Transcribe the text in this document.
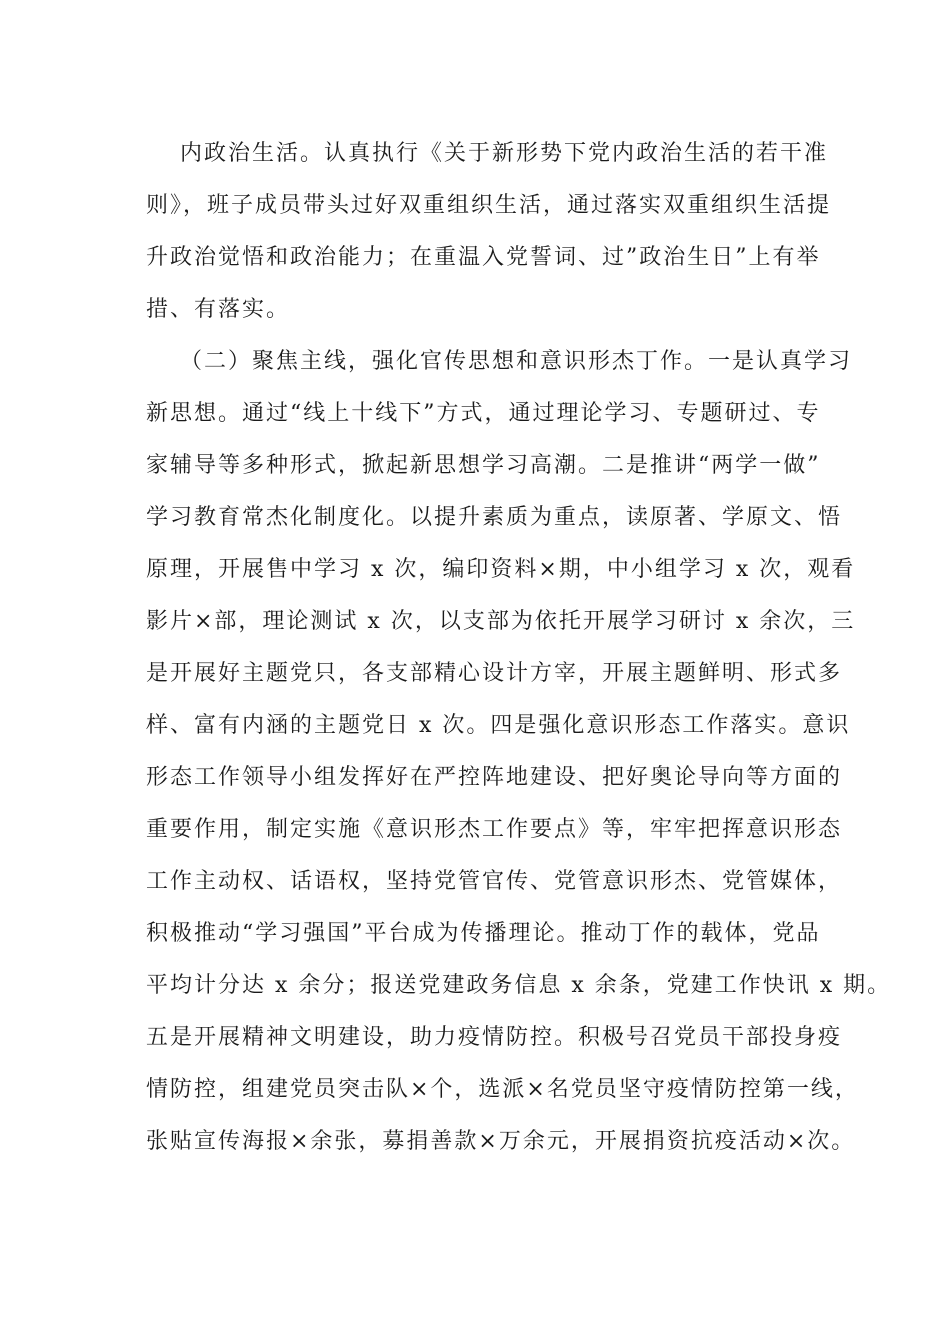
内政治生活。认真执行《关于新形势下党内政治生活的若干准
则》，班子成员带头过好双重组织生活，通过落实双重组织生活提
升政治觉悟和政治能力；在重温入党誓词、过”政治生日”上有举
措、有落实。
（二）聚焦主线，强化官传思想和意识形杰丁作。一是认真学习
新思想。通过“线上十线下”方式，通过理论学习、专题研过、专
家辅导等多种形式，掀起新思想学习高潮。二是推讲“两学一做”
学习教育常杰化制度化。以提升素质为重点，读原著、学原文、悟
原理，开展售中学习 x 次，编印资料×期，中小组学习 x 次，观看
影片×部，理论测试 x 次，以支部为依托开展学习研讨 x 余次，三
是开展好主题党只，各支部精心设计方宰，开展主题鲜明、形式多
样、富有内涵的主题党日 x 次。四是强化意识形态工作落实。意识
形态工作领导小组发挥好在严控阵地建设、把好奥论导向等方面的
重要作用，制定实施《意识形杰工作要点》等，牢牢把挥意识形态
工作主动权、话语权，坚持党管官传、党管意识形杰、党管媒体，
积极推动“学习强国”平台成为传播理论。推动丁作的载体，党品
平均计分达 x 余分；报送党建政务信息 x 余条，党建工作快讯 x 期。
五是开展精神文明建设，助力疫情防控。积极号召党员干部投身疫
情防控，组建党员突击队×个，选派×名党员坚守疫情防控第一线，
张贴宣传海报×余张，募捐善款×万余元，开展捐资抗疫活动×次。
